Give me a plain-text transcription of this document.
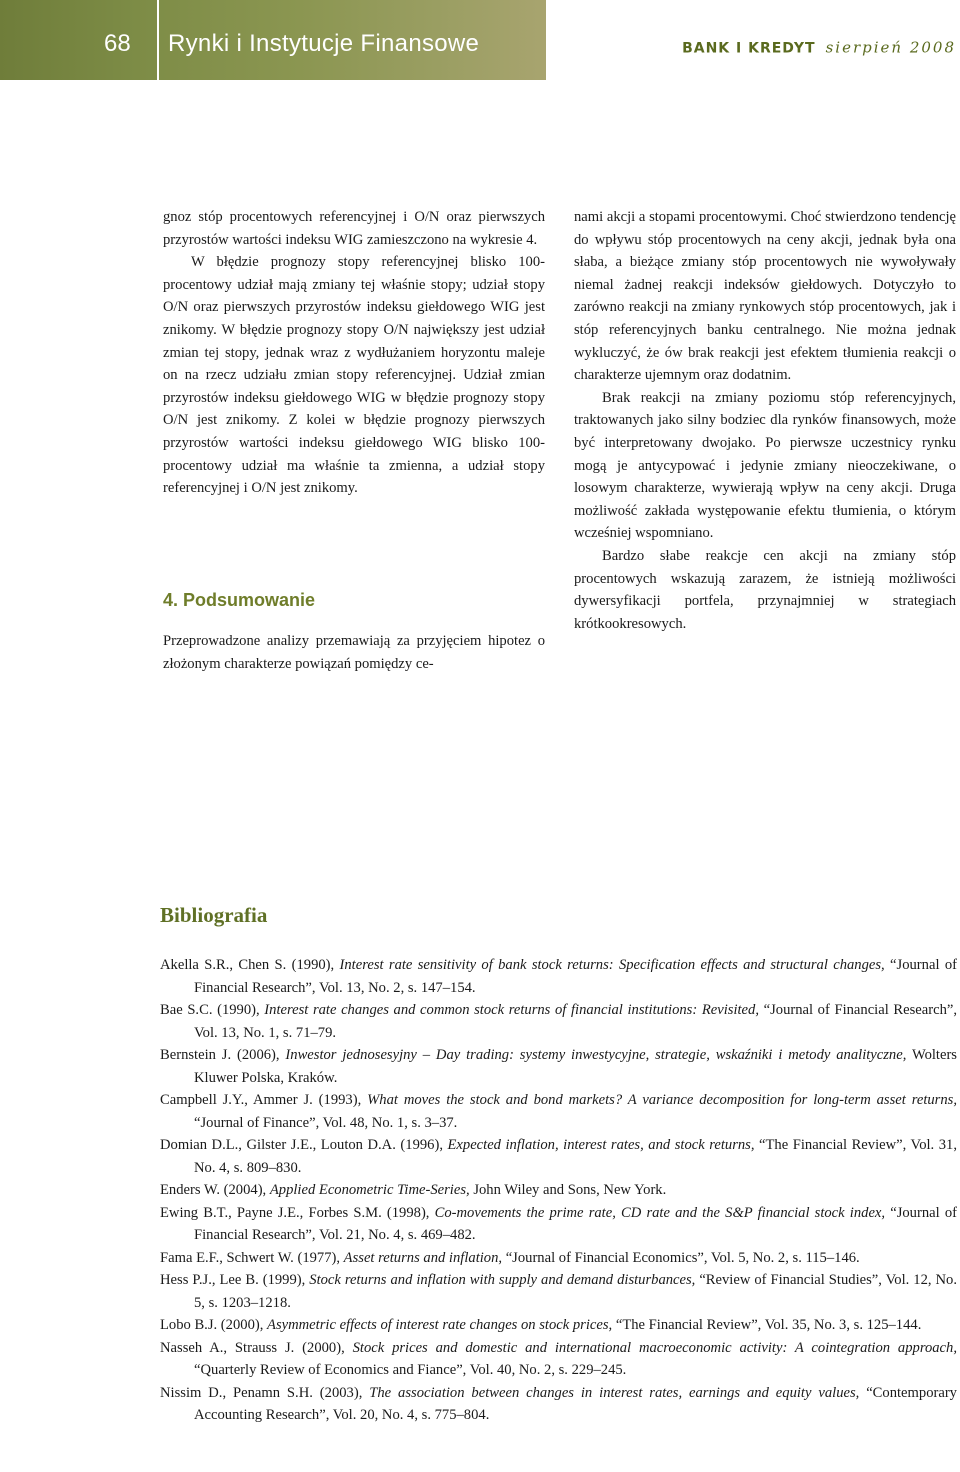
68 Rynki i Instytucje Finansowe	BANK I KREDYT sierpień 2008

gnoz stóp procentowych referencyjnej i O/N oraz pierwszych przyrostów wartości indeksu WIG zamieszczono na wykresie 4.

W błędzie prognozy stopy referencyjnej blisko 100-procentowy udział mają zmiany tej właśnie stopy; udział stopy O/N oraz pierwszych przyrostów indeksu giełdowego WIG jest znikomy. W błędzie prognozy stopy O/N największy jest udział zmian tej stopy, jednak wraz z wydłużaniem horyzontu maleje on na rzecz udziału zmian stopy referencyjnej. Udział zmian przyrostów indeksu giełdowego WIG w błędzie prognozy stopy O/N jest znikomy. Z kolei w błędzie prognozy pierwszych przyrostów wartości indeksu giełdowego WIG blisko 100-procentowy udział ma właśnie ta zmienna, a udział stopy referencyjnej i O/N jest znikomy.

4. Podsumowanie

Przeprowadzone analizy przemawiają za przyjęciem hipotez o złożonym charakterze powiązań pomiędzy ce-

nami akcji a stopami procentowymi. Choć stwierdzono tendencję do wpływu stóp procentowych na ceny akcji, jednak była ona słaba, a bieżące zmiany stóp procentowych nie wywoływały niemal żadnej reakcji indeksów giełdowych. Dotyczyło to zarówno reakcji na zmiany rynkowych stóp procentowych, jak i stóp referencyjnych banku centralnego. Nie można jednak wykluczyć, że ów brak reakcji jest efektem tłumienia reakcji o charakterze ujemnym oraz dodatnim.

Brak reakcji na zmiany poziomu stóp referencyjnych, traktowanych jako silny bodziec dla rynków finansowych, może być interpretowany dwojako. Po pierwsze uczestnicy rynku mogą je antycypować i jedynie zmiany nieoczekiwane, o losowym charakterze, wywierają wpływ na ceny akcji. Druga możliwość zakłada występowanie efektu tłumienia, o którym wcześniej wspomniano.

Bardzo słabe reakcje cen akcji na zmiany stóp procentowych wskazują zarazem, że istnieją możliwości dywersyfikacji portfela, przynajmniej w strategiach krótkookresowych.

Bibliografia
Akella S.R., Chen S. (1990), Interest rate sensitivity of bank stock returns: Specification effects and structural changes, “Journal of Financial Research”, Vol. 13, No. 2, s. 147–154.
Bae S.C. (1990), Interest rate changes and common stock returns of financial institutions: Revisited, “Journal of Financial Research”, Vol. 13, No. 1, s. 71–79.
Bernstein J. (2006), Inwestor jednosesyjny – Day trading: systemy inwestycyjne, strategie, wskaźniki i metody analityczne, Wolters Kluwer Polska, Kraków.
Campbell J.Y., Ammer J. (1993), What moves the stock and bond markets? A variance decomposition for long-term asset returns, “Journal of Finance”, Vol. 48, No. 1, s. 3–37.
Domian D.L., Gilster J.E., Louton D.A. (1996), Expected inflation, interest rates, and stock returns, “The Financial Review”, Vol. 31, No. 4, s. 809–830.
Enders W. (2004), Applied Econometric Time-Series, John Wiley and Sons, New York.
Ewing B.T., Payne J.E., Forbes S.M. (1998), Co-movements the prime rate, CD rate and the S&P financial stock index, “Journal of Financial Research”, Vol. 21, No. 4, s. 469–482.
Fama E.F., Schwert W. (1977), Asset returns and inflation, “Journal of Financial Economics”, Vol. 5, No. 2, s. 115–146.
Hess P.J., Lee B. (1999), Stock returns and inflation with supply and demand disturbances, “Review of Financial Studies”, Vol. 12, No. 5, s. 1203–1218.
Lobo B.J. (2000), Asymmetric effects of interest rate changes on stock prices, “The Financial Review”, Vol. 35, No. 3, s. 125–144.
Nasseh A., Strauss J. (2000), Stock prices and domestic and international macroeconomic activity: A cointegration approach, “Quarterly Review of Economics and Fiance”, Vol. 40, No. 2, s. 229–245.
Nissim D., Penamn S.H. (2003), The association between changes in interest rates, earnings and equity values, “Contemporary Accounting Research”, Vol. 20, No. 4, s. 775–804.
